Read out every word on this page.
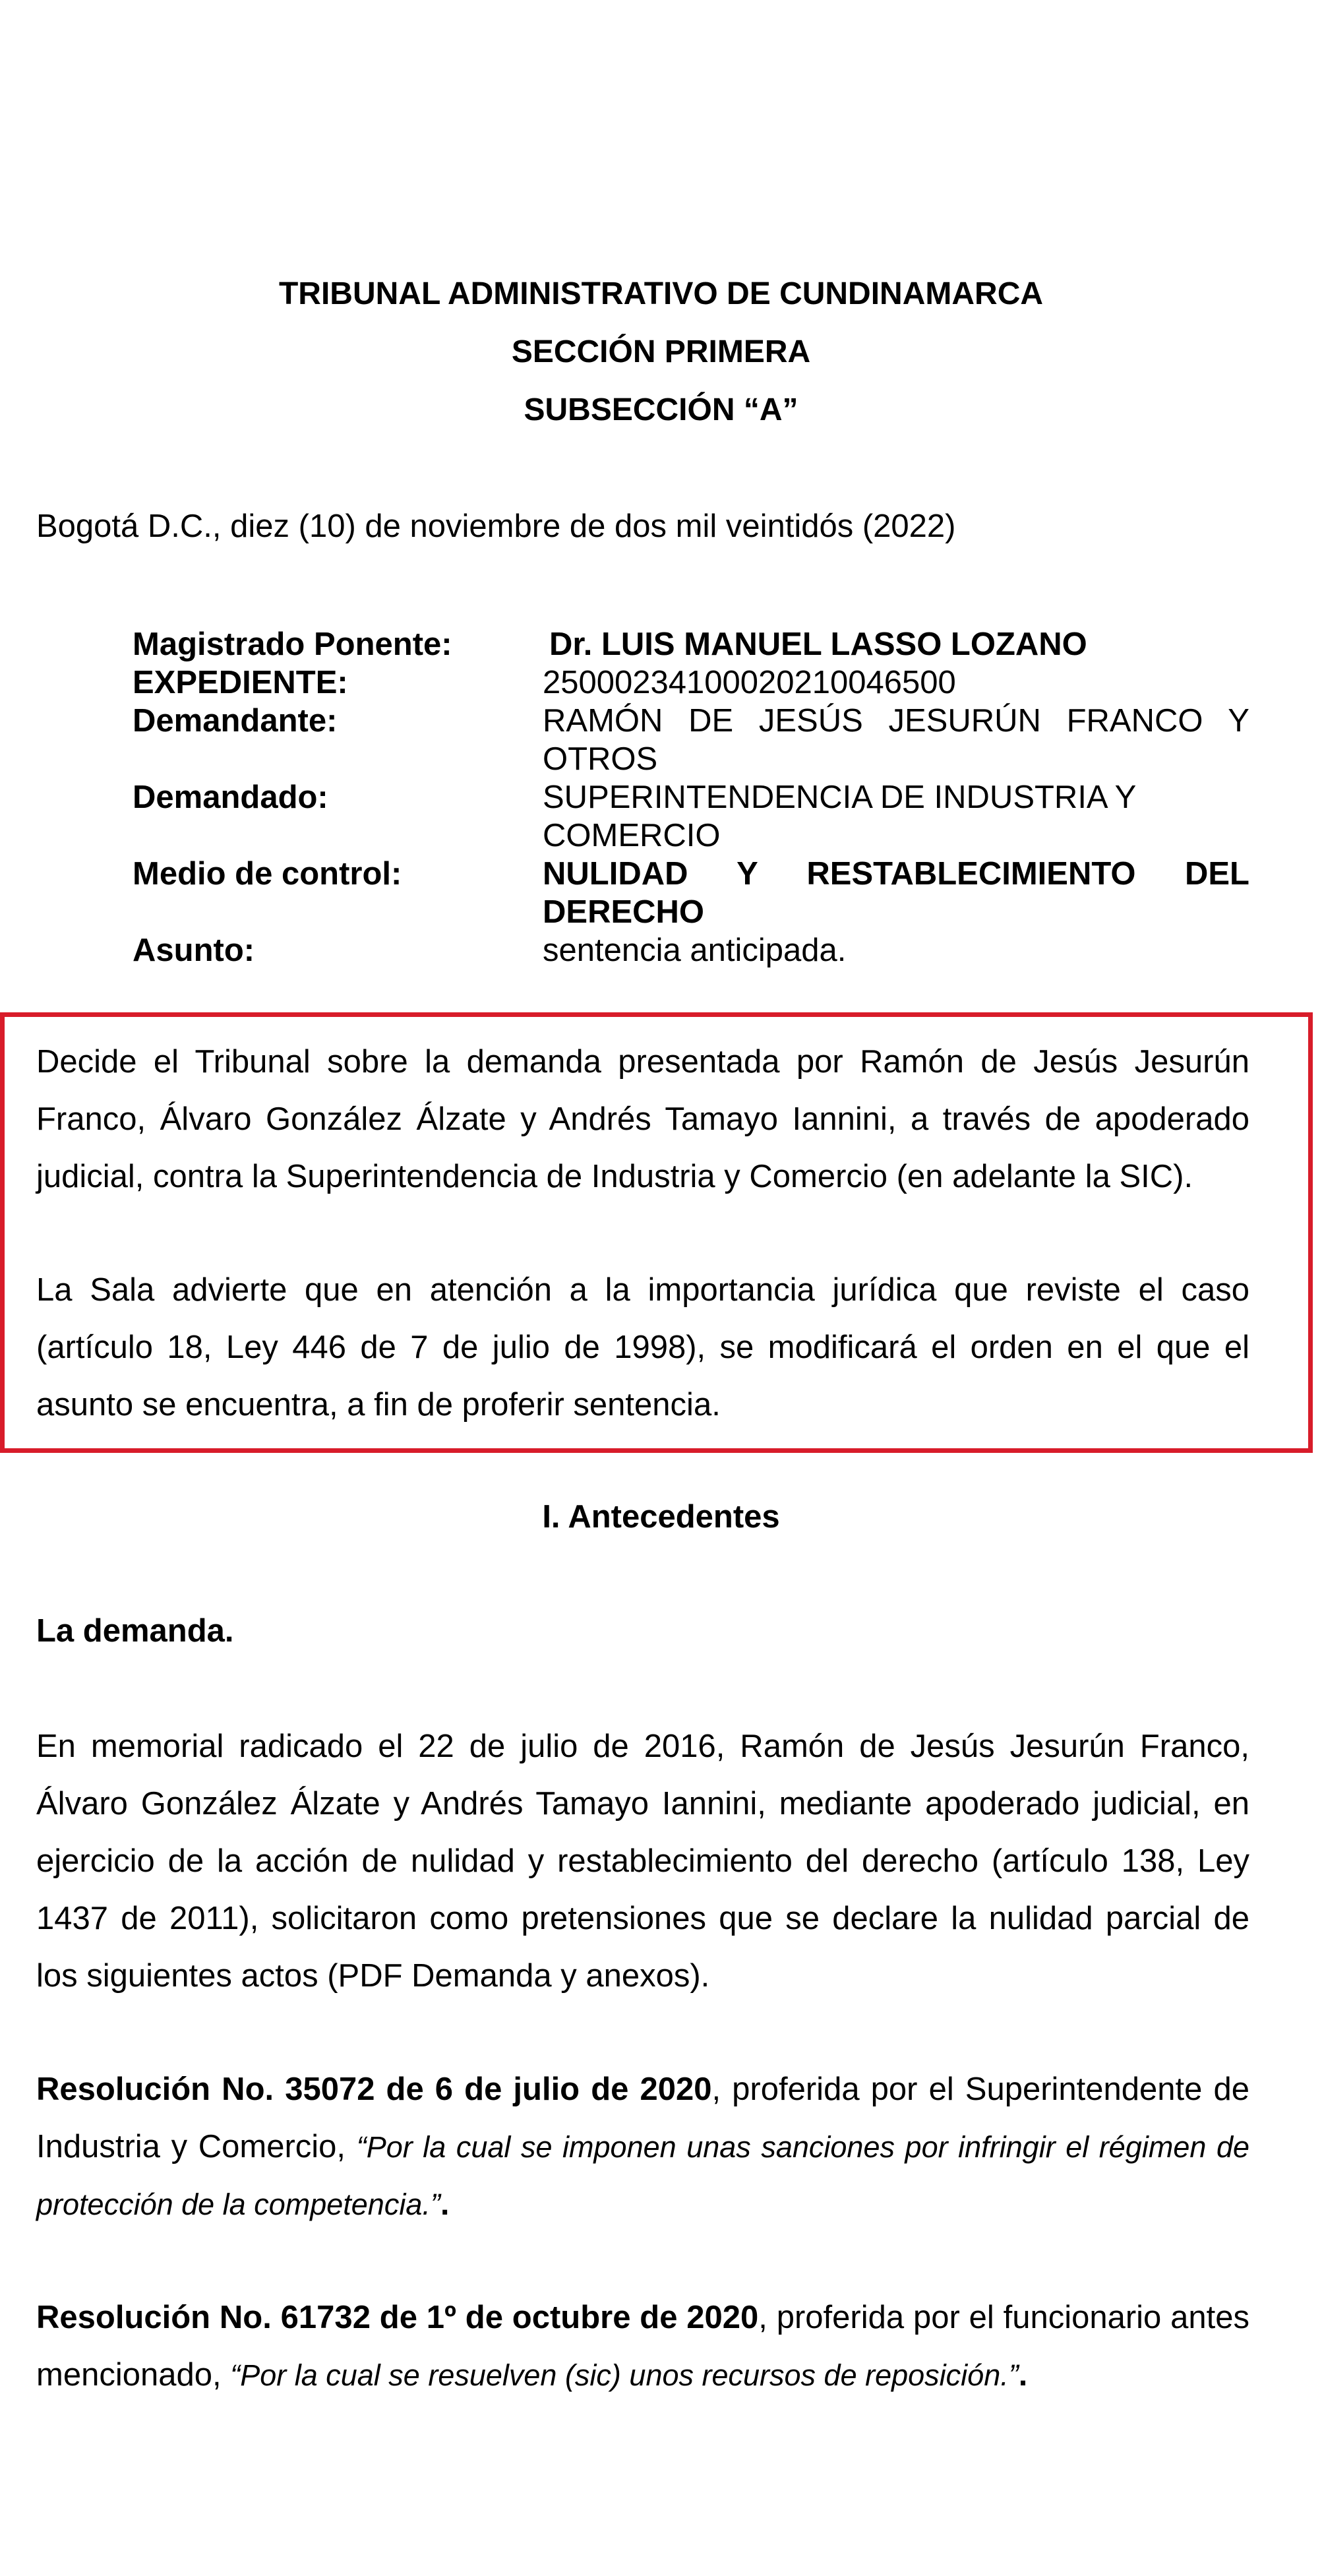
TRIBUNAL ADMINISTRATIVO DE CUNDINAMARCA
SECCIÓN PRIMERA
SUBSECCIÓN “A”
Bogotá D.C., diez (10) de noviembre de dos mil veintidós (2022)
Magistrado Ponente:	Dr. LUIS MANUEL LASSO LOZANO
EXPEDIENTE:	25000234100020210046500
Demandante:	RAMÓN DE JESÚS JESURÚN FRANCO Y OTROS
Demandado:	SUPERINTENDENCIA DE INDUSTRIA Y COMERCIO
Medio de control:	NULIDAD Y RESTABLECIMIENTO DEL DERECHO
Asunto:	sentencia anticipada.
Decide el Tribunal sobre la demanda presentada por Ramón de Jesús Jesurún Franco, Álvaro González Álzate y Andrés Tamayo Iannini, a través de apoderado judicial, contra la Superintendencia de Industria y Comercio (en adelante la SIC).
La Sala advierte que en atención a la importancia jurídica que reviste el caso (artículo 18, Ley 446 de 7 de julio de 1998), se modificará el orden en el que el asunto se encuentra, a fin de proferir sentencia.
I. Antecedentes
La demanda.
En memorial radicado el 22 de julio de 2016, Ramón de Jesús Jesurún Franco, Álvaro González Álzate y Andrés Tamayo Iannini, mediante apoderado judicial, en ejercicio de la acción de nulidad y restablecimiento del derecho (artículo 138, Ley 1437 de 2011), solicitaron como pretensiones que se declare la nulidad parcial de los siguientes actos (PDF Demanda y anexos).
Resolución No. 35072 de 6 de julio de 2020, proferida por el Superintendente de Industria y Comercio, “Por la cual se imponen unas sanciones por infringir el régimen de protección de la competencia.”.
Resolución No. 61732 de 1º de octubre de 2020, proferida por el funcionario antes mencionado, “Por la cual se resuelven (sic) unos recursos de reposición.”.
